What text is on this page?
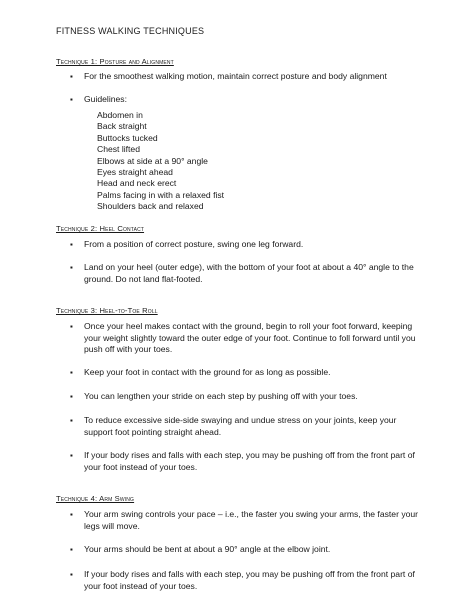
FITNESS WALKING TECHNIQUES
Technique 1: Posture and Alignment
▪ For the smoothest walking motion, maintain correct posture and body alignment
▪ Guidelines:
Abdomen in
Back straight
Buttocks tucked
Chest lifted
Elbows at side at a 90° angle
Eyes straight ahead
Head and neck erect
Palms facing in with a relaxed fist
Shoulders back and relaxed
Technique 2: Heel Contact
▪ From a position of correct posture, swing one leg forward.
▪ Land on your heel (outer edge), with the bottom of your foot at about a 40° angle to the ground. Do not land flat-footed.
Technique 3: Heel-to-Toe Roll
▪ Once your heel makes contact with the ground, begin to roll your foot forward, keeping your weight slightly toward the outer edge of your foot. Continue to foll forward until you push off with your toes.
▪ Keep your foot in contact with the ground for as long as possible.
▪ You can lengthen your stride on each step by pushing off with your toes.
▪ To reduce excessive side-side swaying and undue stress on your joints, keep your support foot pointing straight ahead.
▪ If your body rises and falls with each step, you may be pushing off from the front part of your foot instead of your toes.
Technique 4: Arm Swing
▪ Your arm swing controls your pace – i.e., the faster you swing your arms, the faster your legs will move.
▪ Your arms should be bent at about a 90° angle at the elbow joint.
▪ If your body rises and falls with each step, you may be pushing off from the front part of your foot instead of your toes.
